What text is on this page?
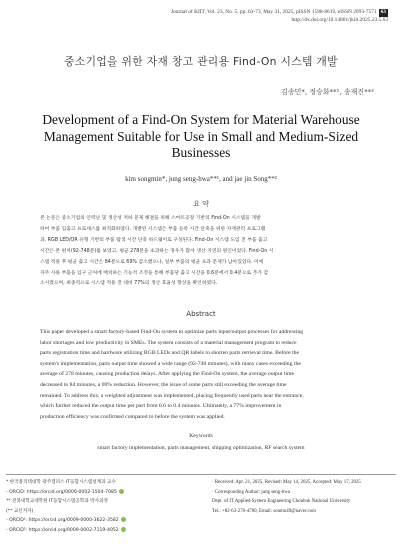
Journal of KIIT, Vol. 23, No. 5, pp. 63-73, May 31, 2025, pISSN 1598-8619, eISSN 2093-7571 63
http://dx.doi.org/10.14801/jkiit.2025.23.5.63
중소기업을 위한 자재 창고 관리용 Find-On 시스템 개발
김송민*, 정승화**¹, 송재진**²
Development of a Find-On System for Material Warehouse Management Suitable for Use in Small and Medium-Sized Businesses
kim songmin*, jung seng-hwa**¹, and jae jin Song**²
요 약
본 논문은 중소기업의 인력난 및 생산성 저하 문제 해결을 위해 스마트공장 기반의 Find-On 시스템을 개발
하여 부품 입출고 프로세스를 최적화하였다. 개발된 시스템은 부품 등록 시간 단축을 위한 자재관리 프로그램
과, RGB LED/QR 유형 기반의 부품 탐색 시간 단축 하드웨어로 구성된다. Find-On 시스템 도입 전 부품 출고
시간은 본 편차(92-748분)를 보였고, 평균 278분을 초과하는 경우가 많아 생산 지연의 원인이었다. Find-On 시
스템 적용 후 평균 출고 시간은 84분으로 69% 감소했으나, 일부 부품의 평균 초과 문제가 남아있었다. 이에
자주 사용 부품을 입구 근처에 배치하는 기능적 조정을 통해 부품당 출고 시간을 0.6분에서 0.4분으로 추가 감
소시켰으며, 최종적으로 시스템 적용 전 대비 77%의 생산 효율성 향상을 확인하였다.
Abstract
This paper developed a smart factory-based Find-On system to optimize parts input/output processes for addressing
labor shortages and low productivity in SMEs. The system consists of a material management program to reduce
parts registration time and hardware utilizing RGB LEDs and QR labels to shorten parts retrieval time. Before the
system's implementation, parts output time showed a wide range (92-748 minutes), with many cases exceeding the
average of 278 minutes, causing production delays. After applying the Find-On system, the average output time
decreased to 84 minutes, a 69% reduction. However, the issue of some parts still exceeding the average time
remained. To address this, a weighted adjustment was implemented, placing frequently used parts near the entrance,
which further reduced the output time per part from 0.6 to 0.4 minutes. Ultimately, a 77% improvement in
production efficiency was confirmed compared to before the system was applied.
Keywords
smart factory implementation, parts management, shipping optimization, RF search system
* 한국폴리텍대학 광주캠퍼스 IT융합시스템설계과 교수
- ORCID: https://orcid.org/0000-0002-1504-7085
** 전북대학교대학원 IT융합시스템공학과 박사과정
(** 교신저자)
- ORCID¹: https://orcid.org/0009-0000-3622-3582
- ORCID²: https://orcid.org/0009-0002-7119-4052
· Received: Apr. 21, 2025, Revised: May 14, 2025, Accepted: May 17, 2025
· Corresponding Author: jung seng-hwa
Dept. of IT Applied System Engineering Chonbuk National University
Tel.: +82-63-270-4780, Email: sonmo49@naver.com
